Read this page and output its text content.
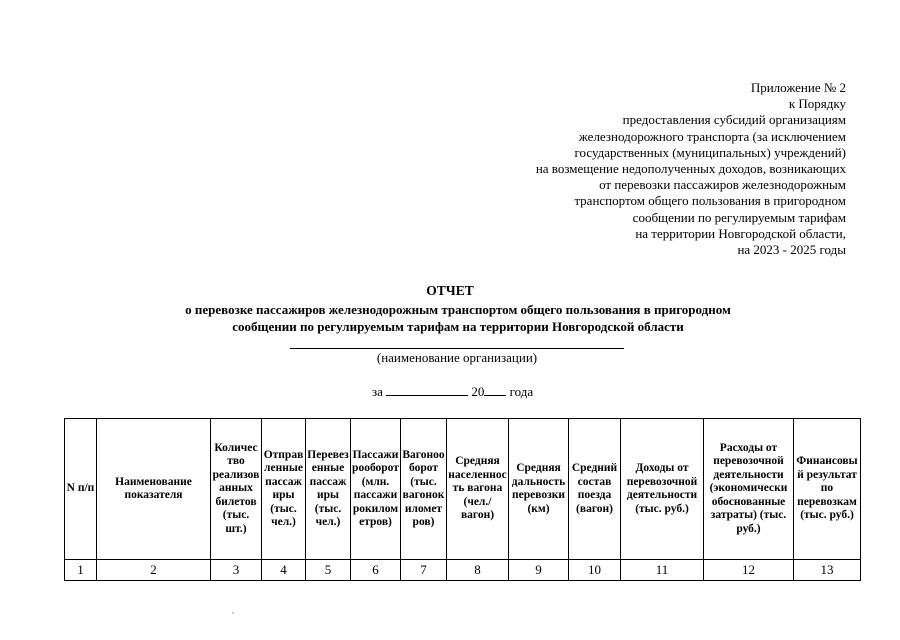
Приложение № 2
к Порядку
предоставления субсидий организациям
железнодорожного транспорта (за исключением
государственных (муниципальных) учреждений)
на возмещение недополученных доходов, возникающих
от перевозки пассажиров железнодорожным
транспортом общего пользования в пригородном
сообщении по регулируемым тарифам
на территории Новгородской области,
на 2023 - 2025 годы
ОТЧЕТ
о перевозке пассажиров железнодорожным транспортом общего пользования в пригородном
сообщении по регулируемым тарифам на территории Новгородской области
(наименование организации)
за	20 года
N п/п	Наименование показателя	Количество реализованных билетов (тыс. шт.)	Отправленные пассажиры (тыс. чел.)	Перевезенные пассажиры (тыс. чел.)	Пассажирооборот (млн. пассажирокилометров)	Вагонооборот (тыс. вагонокилометров)	Средняя населенность вагона (чел./вагон)	Средняя дальность перевозки (км)	Средний состав поезда (вагон)	Доходы от перевозочной деятельности (тыс. руб.)	Расходы от перевозочной деятельности (экономически обоснованные затраты) (тыс. руб.)	Финансовый результат по перевозкам (тыс. руб.)
1	2	3	4	5	6	7	8	9	10	11	12	13
